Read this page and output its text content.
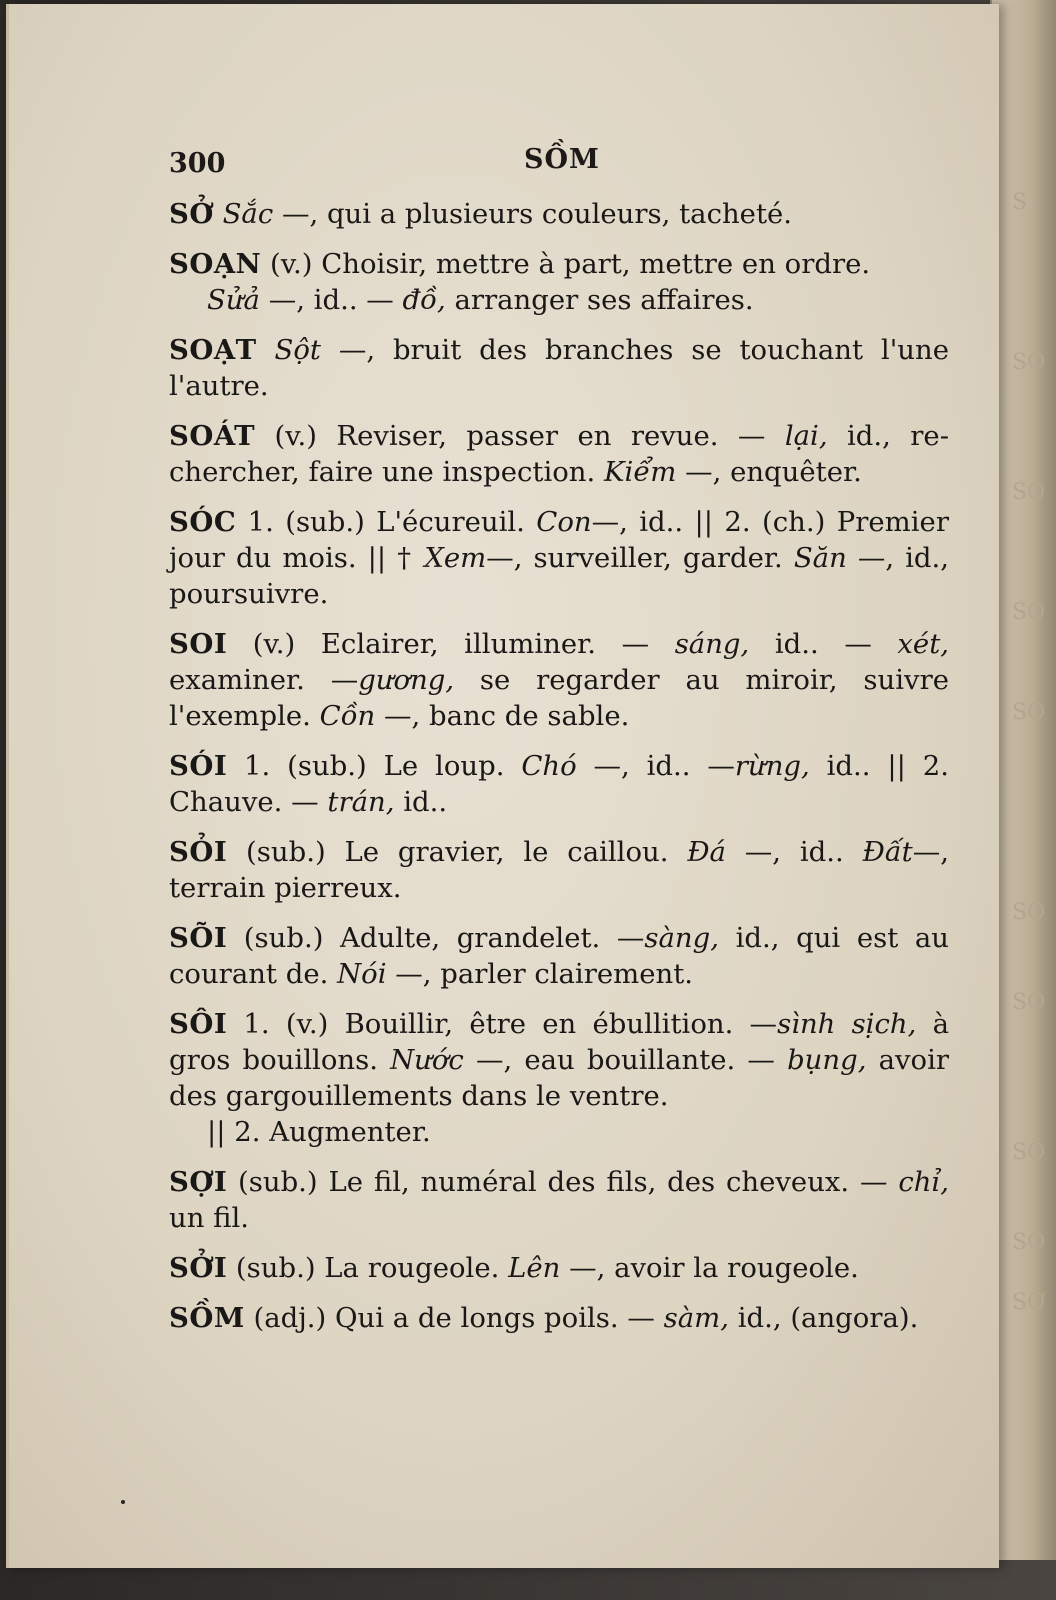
S
SO
SO
SO
SO
SÓ
SÓ
SÕ
SÔ
SỚ
300	SỒM
SỞ Sắc —, qui a plusieurs couleurs, tacheté.
SOẠN (v.) Choisir, mettre à part, mettre en ordre.
Sửả —, id.. — đồ, arranger ses affaires.
SOẠT Sột —, bruit des branches se touchant l'une l'autre.
SOÁT (v.) Reviser, passer en revue. — lại, id., rechercher, faire une inspection. Kiểm —, enquêter.
SÓC 1. (sub.) L'écureuil. Con—, id.. || 2. (ch.) Premier jour du mois. || † Xem—, surveiller, garder. Săn —, id., poursuivre.
SOI (v.) Eclairer, illuminer. — sáng, id.. — xét, examiner. —gương, se regarder au miroir, suivre l'exemple. Cồn —, banc de sable.
SÓI 1. (sub.) Le loup. Chó —, id.. —rừng, id.. || 2. Chauve. — trán, id..
SỎI (sub.) Le gravier, le caillou. Đá —, id.. Đất—, terrain pierreux.
SÕI (sub.) Adulte, grandelet. —sàng, id., qui est au courant de. Nói —, parler clairement.
SÔI 1. (v.) Bouillir, être en ébullition. —sình sịch, à gros bouillons. Nước —, eau bouillante. — bụng, avoir des gargouillements dans le ventre.
|| 2. Augmenter.
SỢI (sub.) Le fil, numéral des fils, des cheveux. — chỉ, un fil.
SỞI (sub.) La rougeole. Lên —, avoir la rougeole.
SỒM (adj.) Qui a de longs poils. — sàm, id., (angora).
